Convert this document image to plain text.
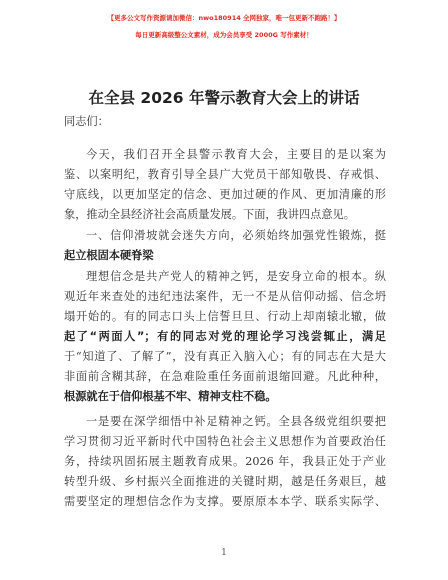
【更多公文写作资源请加微信：nwo180914 全网独家，唯一包更新不跑路！】
每日更新高级整公文素材，成为会员享受 2000G 写作素材！
在全县 2026 年警示教育大会上的讲话
同志们：
今天，我们召开全县警示教育大会，主要目的是以案为
鉴、以案明纪，教育引导全县广大党员干部知敬畏、存戒惧、
守底线，以更加坚定的信念、更加过硬的作风、更加清廉的形
象，推动全县经济社会高质量发展。下面，我讲四点意见。
一、信仰滑坡就会迷失方向，必须始终加强党性锻炼，挺
起立根固本硬脊梁
理想信念是共产党人的精神之钙，是安身立命的根本。纵
观近年来查处的违纪违法案件，无一不是从信仰动摇、信念坍
塌开始的。有的同志口头上信誓旦旦、行动上却南辕北辙，做
起了“两面人”；有的同志对党的理论学习浅尝辄止，满足
于“知道了、了解了”，没有真正入脑入心；有的同志在大是大
非面前含糊其辞，在急难险重任务面前退缩回避。凡此种种，
根源就在于信仰根基不牢、精神支柱不稳。
一是要在深学细悟中补足精神之钙。全县各级党组织要把
学习贯彻习近平新时代中国特色社会主义思想作为首要政治任
务，持续巩固拓展主题教育成果。2026 年，我县正处于产业
转型升级、乡村振兴全面推进的关键时期，越是任务艰巨，越
需要坚定的理想信念作为支撑。要原原本本学、联系实际学、
1
